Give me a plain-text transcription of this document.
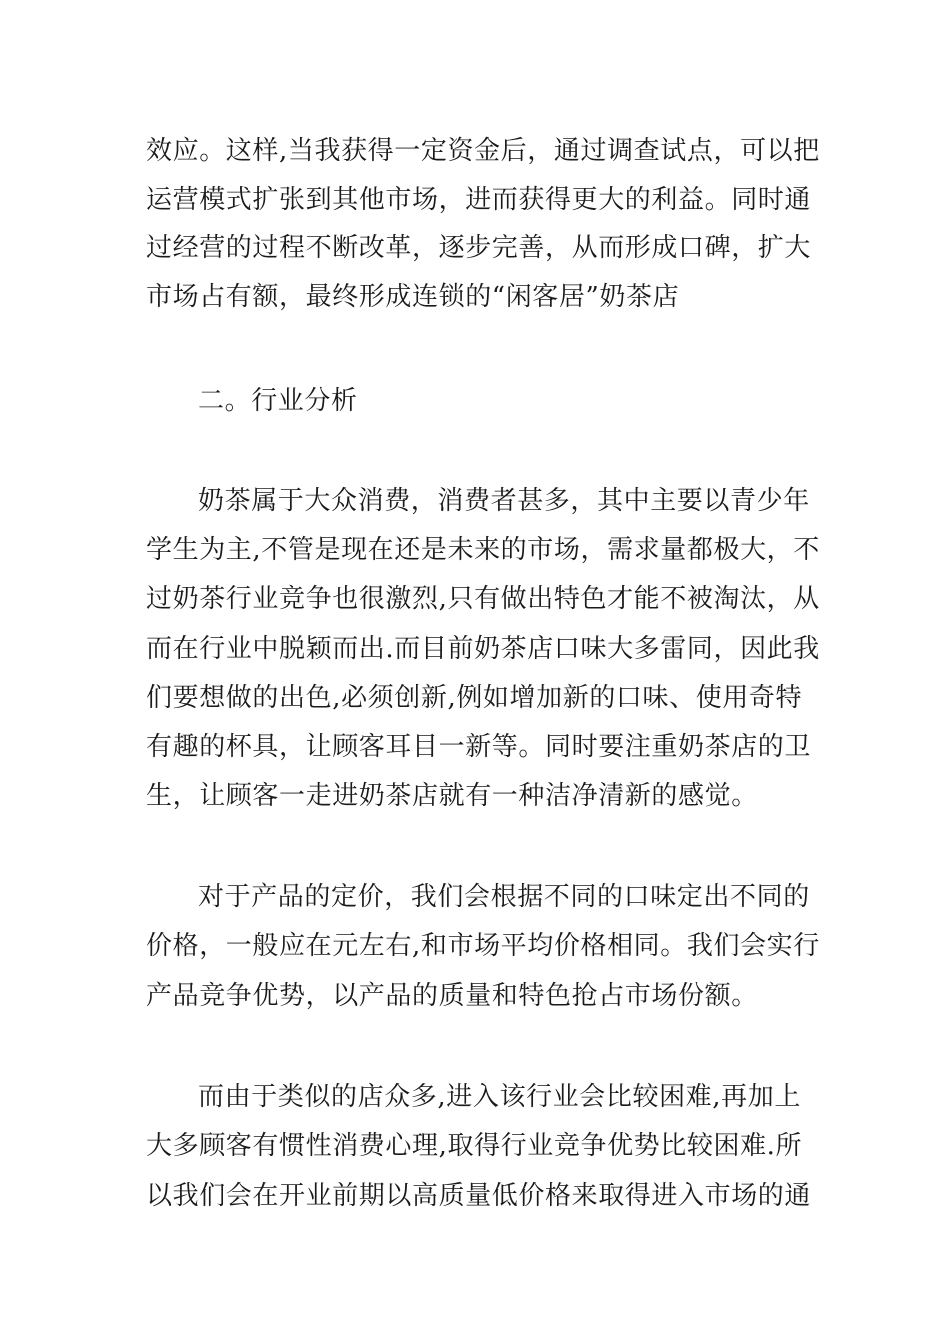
效应。这样,当我获得一定资金后，通过调查试点，可以把
运营模式扩张到其他市场，进而获得更大的利益。同时通
过经营的过程不断改革，逐步完善，从而形成口碑，扩大
市场占有额，最终形成连锁的“闲客居”奶茶店
二。行业分析
奶茶属于大众消费，消费者甚多，其中主要以青少年
学生为主,不管是现在还是未来的市场，需求量都极大，不
过奶茶行业竞争也很激烈,只有做出特色才能不被淘汰，从
而在行业中脱颖而出.而目前奶茶店口味大多雷同，因此我
们要想做的出色,必须创新,例如增加新的口味、使用奇特
有趣的杯具，让顾客耳目一新等。同时要注重奶茶店的卫
生，让顾客一走进奶茶店就有一种洁净清新的感觉。
对于产品的定价，我们会根据不同的口味定出不同的
价格，一般应在元左右,和市场平均价格相同。我们会实行
产品竞争优势，以产品的质量和特色抢占市场份额。
而由于类似的店众多,进入该行业会比较困难,再加上
大多顾客有惯性消费心理,取得行业竞争优势比较困难.所
以我们会在开业前期以高质量低价格来取得进入市场的通
